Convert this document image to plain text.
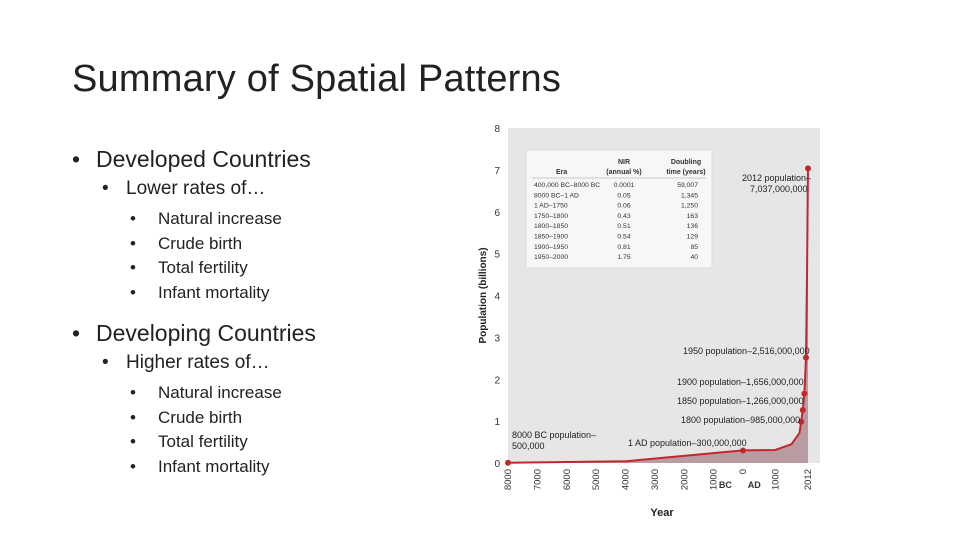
Summary of Spatial Patterns

• Developed Countries

• Lower rates of…

• Natural increase

• Crude birth

• Total fertility

• Infant mortality

• Developing Countries

• Higher rates of…

• Natural increase

• Crude birth

• Total fertility

• Infant mortality	0
1
2
3
4
5
6
7
8
Population (billions)
8000 7000 6000 5000 4000 3000 2000 1000 0 1000 2012
BC AD
Year
8000 BC population–
500,000	1 AD population–300,000,000
1800 population–985,000,000
1850 population–1,266,000,000
1900 population–1,656,000,000
1950 population–2,516,000,000
2012 population–
7,037,000,000
Era
NIR
(annual %)
Doubling
time (years)
400,000 BC–8000 BC 0.0001	59,007
8000 BC–1 AD	0.05	1,345
1 AD–1750	0.06	1,250
1750–1800	0.43	163
1800–1850	0.51	136
1850–1900	0.54	129
1900–1950	0.81	85
1950–2000	1.75	40
